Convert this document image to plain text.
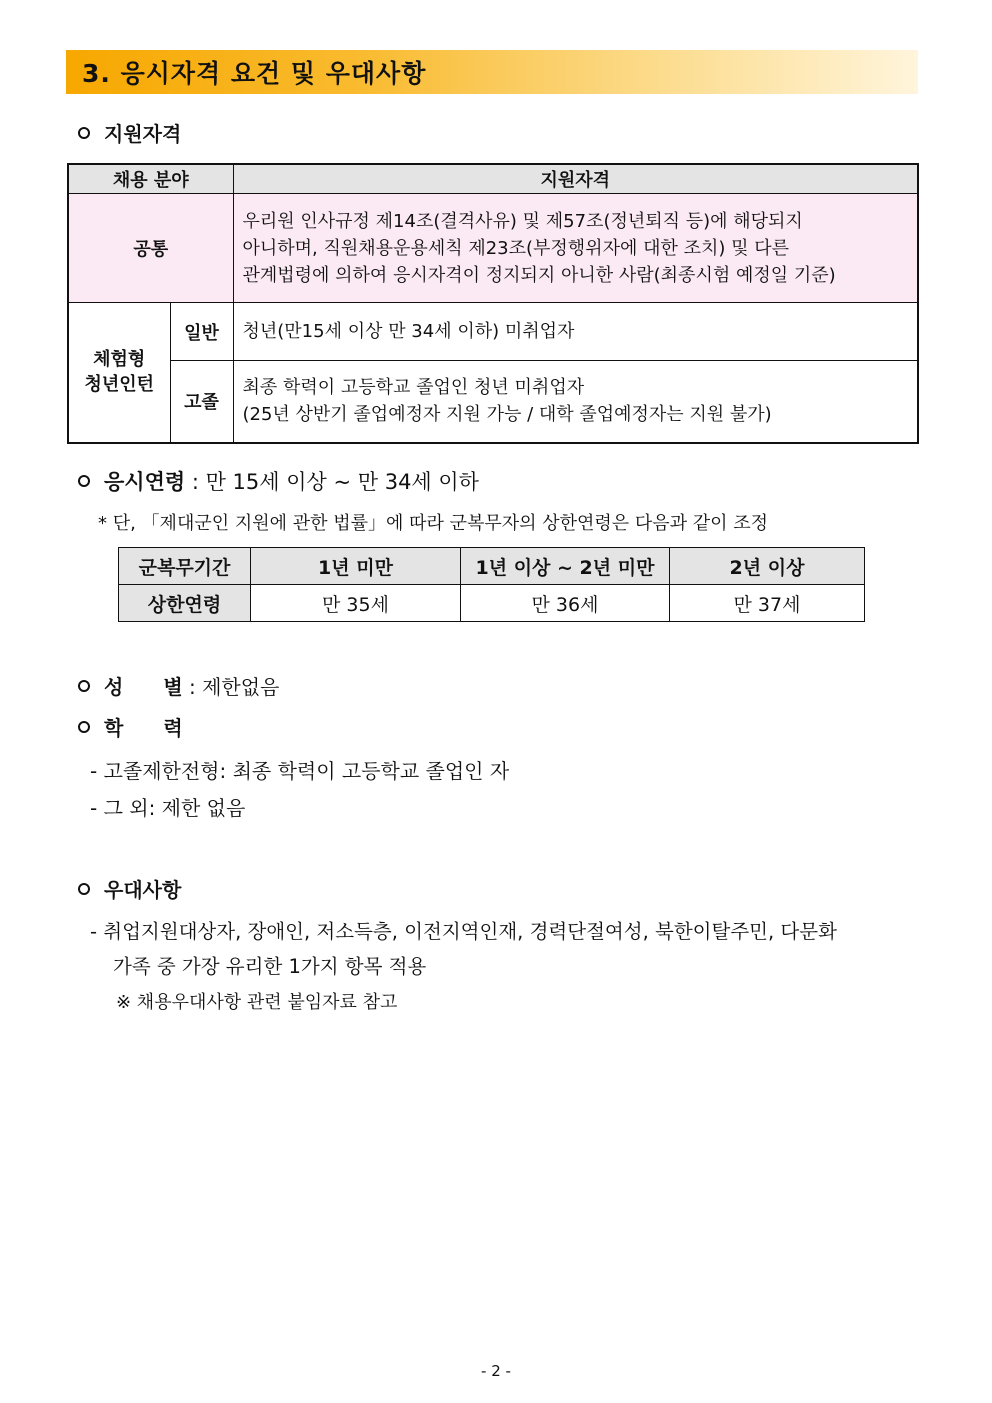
3. 응시자격 요건 및 우대사항
지원자격
채용 분야		지원자격
공통		우리원 인사규정 제14조(결격사유) 및 제57조(정년퇴직 등)에 해당되지
아니하며, 직원채용운용세칙 제23조(부정행위자에 대한 조치) 및 다른
관계법령에 의하여 응시자격이 정지되지 아니한 사람(최종시험 예정일 기준)

체험형
청년인턴	일반	청년(만15세 이상 만 34세 이하) 미취업자
	고졸	최종 학력이 고등학교 졸업인 청년 미취업자
(25년 상반기 졸업예정자 지원 가능 / 대학 졸업예정자는 지원 불가)
응시연령 : 만 15세 이상 ~ 만 34세 이하
* 단, 「제대군인 지원에 관한 법률」에 따라 군복무자의 상한연령은 다음과 같이 조정
군복무기간	1년 미만	1년 이상 ~ 2년 미만	2년 이상
상한연령	만 35세	만 36세	만 37세
성　　별 : 제한없음
학　　력
- 고졸제한전형: 최종 학력이 고등학교 졸업인 자
- 그 외: 제한 없음
우대사항
- 취업지원대상자, 장애인, 저소득층, 이전지역인재, 경력단절여성, 북한이탈주민, 다문화
가족 중 가장 유리한 1가지 항목 적용
※ 채용우대사항 관련 붙임자료 참고
- 2 -
